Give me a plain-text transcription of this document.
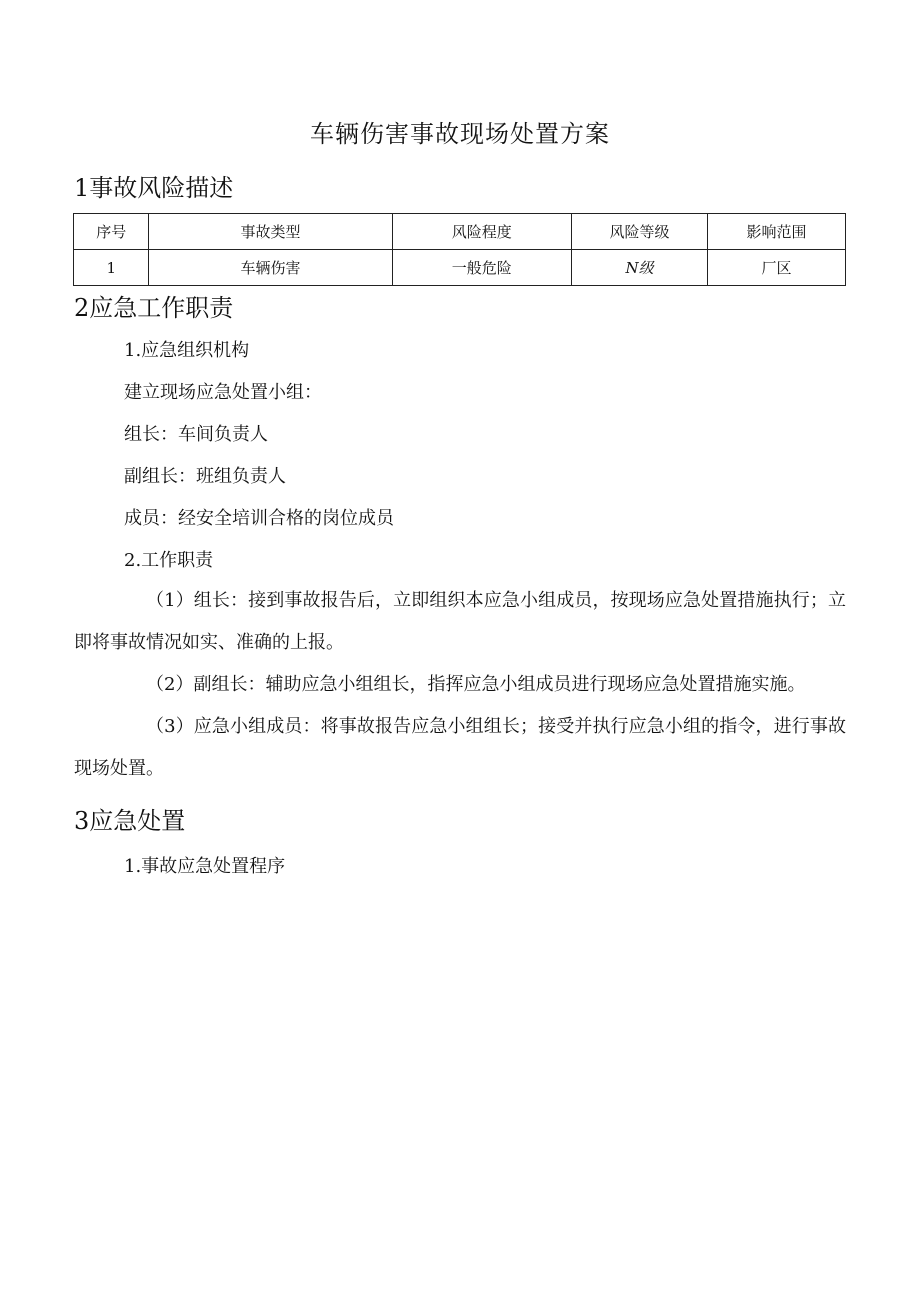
车辆伤害事故现场处置方案
1事故风险描述
序号	事故类型	风险程度	风险等级	影响范围
1	车辆伤害	一般危险	N级	厂区
2应急工作职责
1.应急组织机构
建立现场应急处置小组：
组长：车间负责人
副组长：班组负责人
成员：经安全培训合格的岗位成员
2.工作职责
（1）组长：接到事故报告后，立即组织本应急小组成员，按现场应急处置措施执行；立即将事故情况如实、准确的上报。
（2）副组长：辅助应急小组组长，指挥应急小组成员进行现场应急处置措施实施。
（3）应急小组成员：将事故报告应急小组组长；接受并执行应急小组的指令，进行事故现场处置。
3应急处置
1.事故应急处置程序
